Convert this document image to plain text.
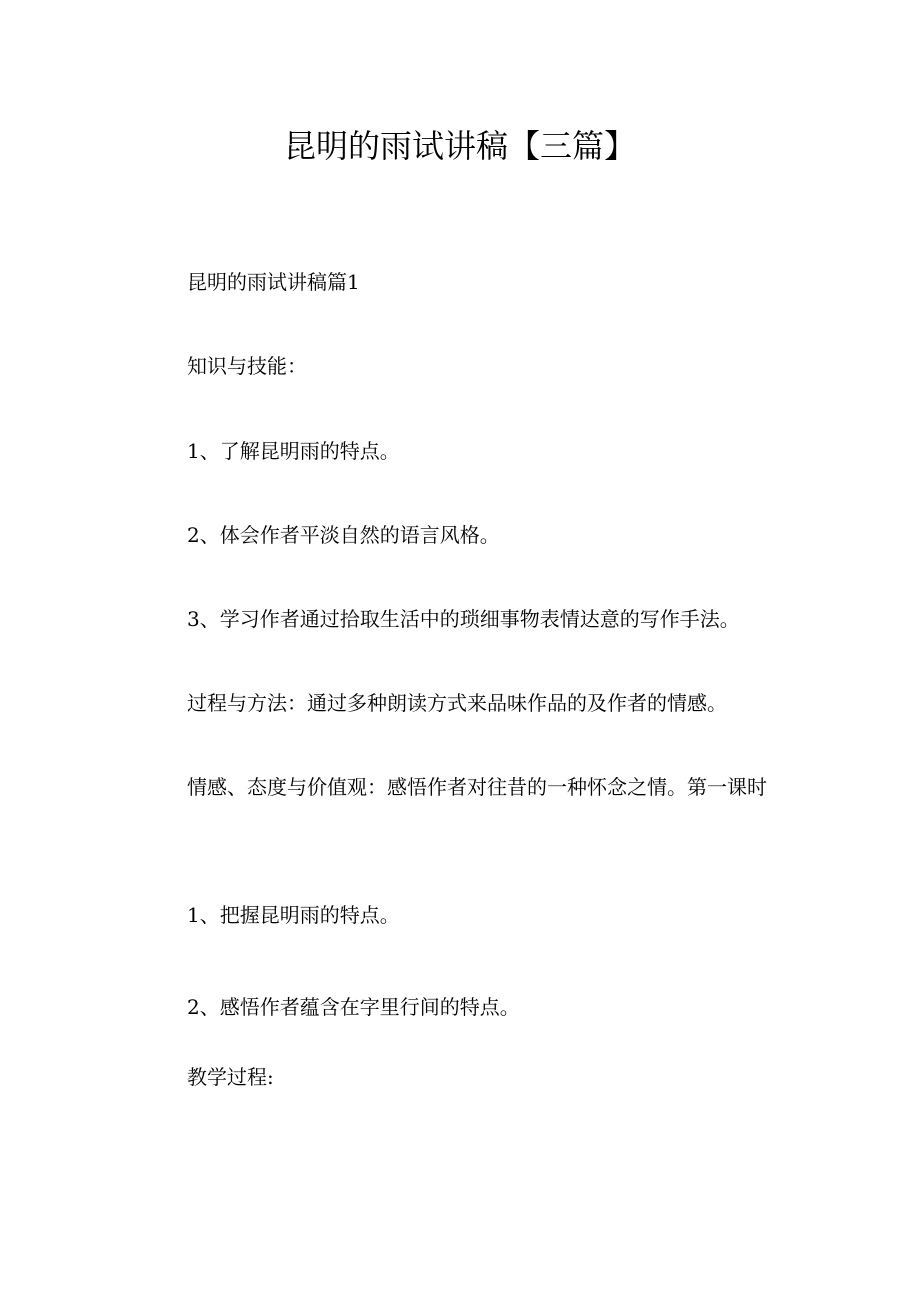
昆明的雨试讲稿【三篇】

昆明的雨试讲稿篇1

知识与技能：

1、了解昆明雨的特点。

2、体会作者平淡自然的语言风格。

3、学习作者通过拾取生活中的琐细事物表情达意的写作手法。

过程与方法：通过多种朗读方式来品味作品的及作者的情感。

情感、态度与价值观：感悟作者对往昔的一种怀念之情。第一课时

1、把握昆明雨的特点。

2、感悟作者蕴含在字里行间的特点。

教学过程:
